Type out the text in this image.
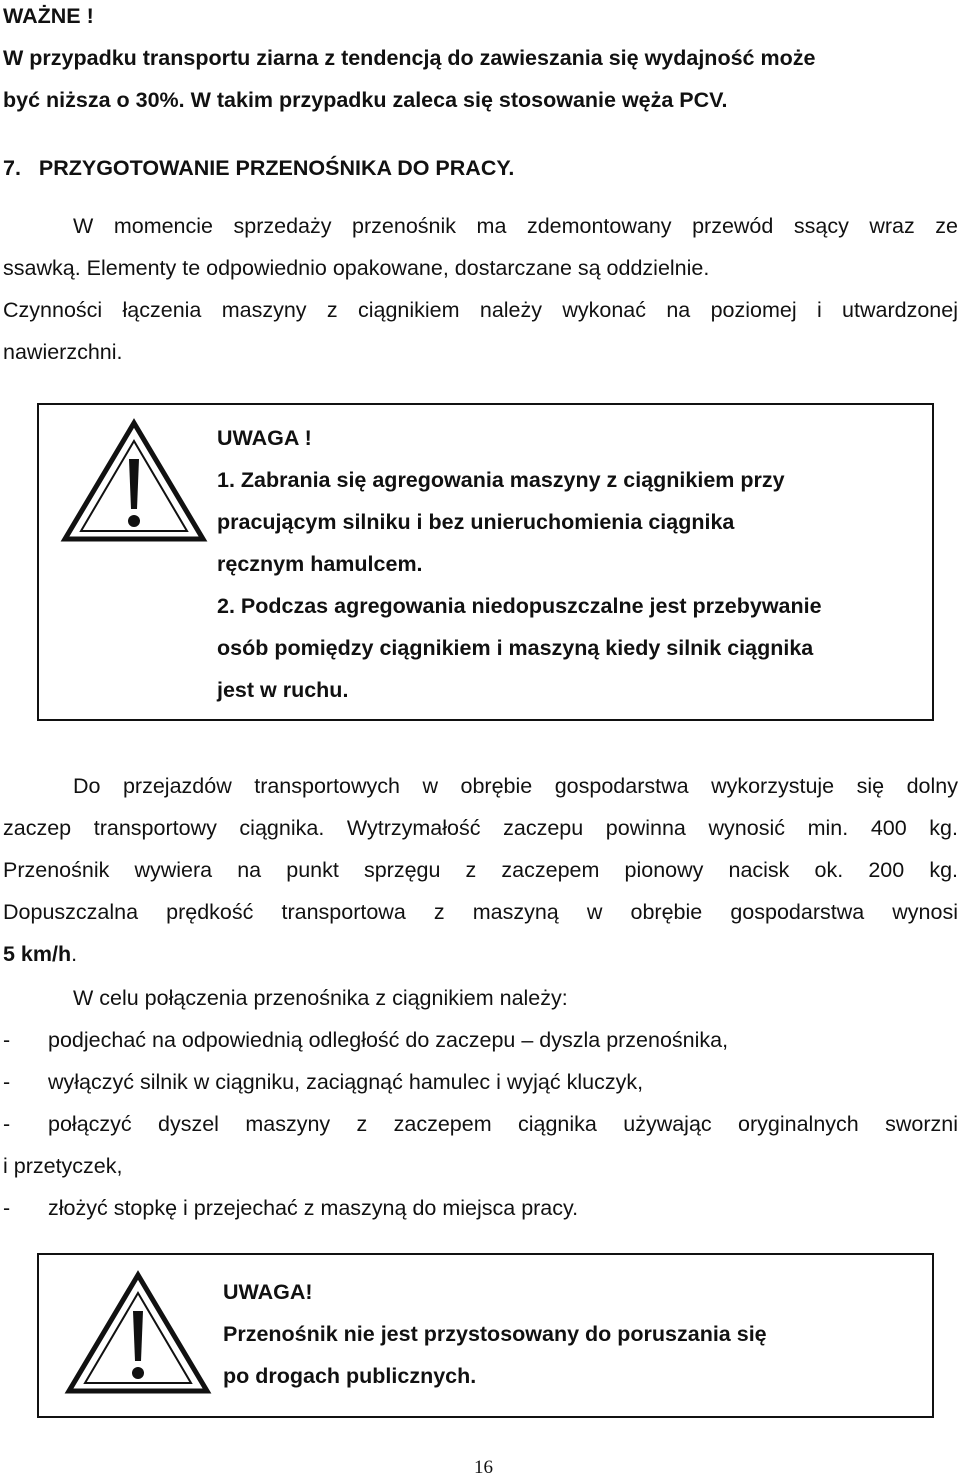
WAŻNE !
W przypadku transportu ziarna z tendencją do zawieszania się wydajność może
być niższa o 30%. W takim przypadku zaleca się stosowanie węża PCV.
7.   PRZYGOTOWANIE PRZENOŚNIKA DO PRACY.
W momencie sprzedaży przenośnik ma zdemontowany przewód ssący wraz ze
ssawką. Elementy te odpowiednio opakowane, dostarczane są oddzielnie.
Czynności łączenia maszyny z ciągnikiem należy wykonać na poziomej i utwardzonej
nawierzchni.
UWAGA !
1. Zabrania się agregowania maszyny z ciągnikiem przy
pracującym silniku i bez unieruchomienia ciągnika
ręcznym hamulcem.
2. Podczas agregowania niedopuszczalne jest przebywanie
osób pomiędzy ciągnikiem i maszyną kiedy silnik ciągnika
jest w ruchu.
Do przejazdów transportowych w obrębie gospodarstwa wykorzystuje się dolny
zaczep transportowy ciągnika. Wytrzymałość zaczepu powinna wynosić min. 400 kg.
Przenośnik wywiera na punkt sprzęgu z zaczepem pionowy nacisk ok. 200 kg.
Dopuszczalna prędkość transportowa z maszyną w obrębie gospodarstwa wynosi
5 km/h.
W celu połączenia przenośnika z ciągnikiem należy:
- podjechać na odpowiednią odległość do zaczepu – dyszla przenośnika,
- wyłączyć silnik w ciągniku, zaciągnąć hamulec i wyjąć kluczyk,
- połączyć dyszel maszyny z zaczepem ciągnika używając oryginalnych sworzni
i przetyczek,
- złożyć stopkę i przejechać z maszyną do miejsca pracy.
UWAGA!
Przenośnik nie jest przystosowany do poruszania się
po drogach publicznych.
16
